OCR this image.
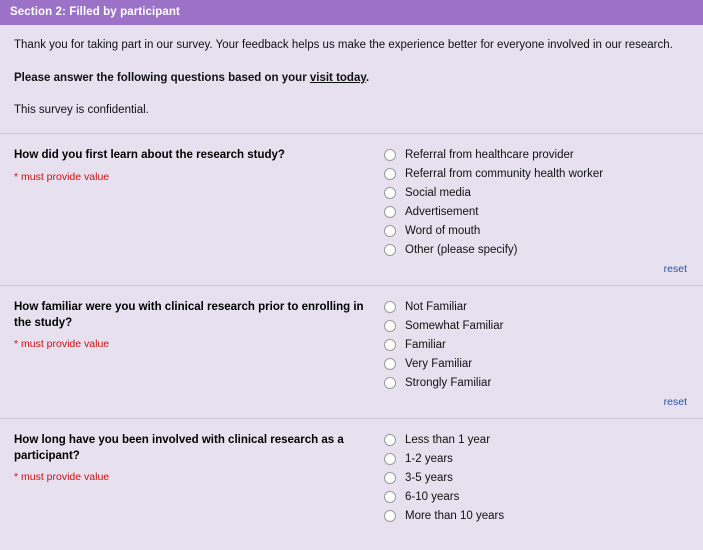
Section 2: Filled by participant
Thank you for taking part in our survey. Your feedback helps us make the experience better for everyone involved in our research.
Please answer the following questions based on your visit today.
This survey is confidential.
How did you first learn about the research study?
* must provide value
Referral from healthcare provider
Referral from community health worker
Social media
Advertisement
Word of mouth
Other (please specify)
reset
How familiar were you with clinical research prior to enrolling in the study?
* must provide value
Not Familiar
Somewhat Familiar
Familiar
Very Familiar
Strongly Familiar
reset
How long have you been involved with clinical research as a participant?
* must provide value
Less than 1 year
1-2 years
3-5 years
6-10 years
More than 10 years
